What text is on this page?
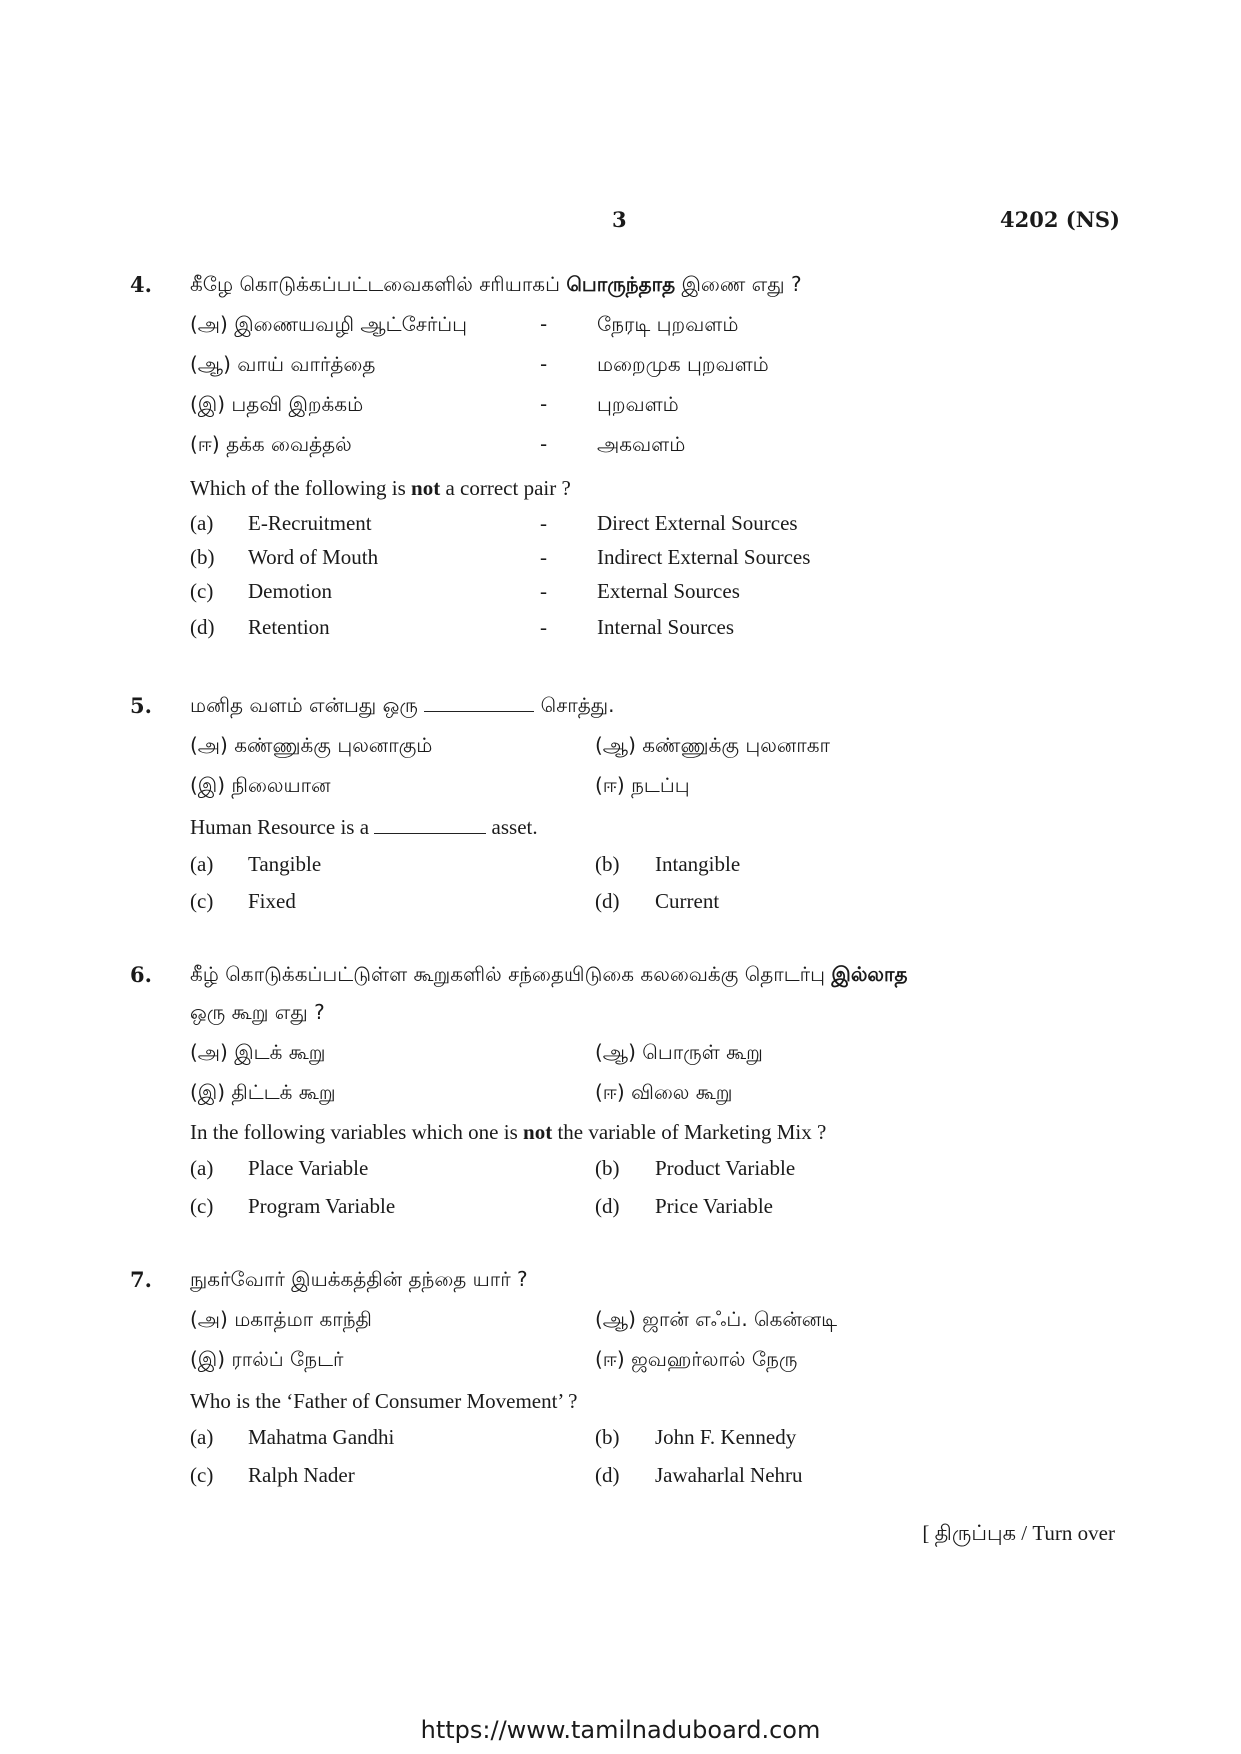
3	4202 (NS)
4. கீழே கொடுக்கப்பட்டவைகளில் சரியாகப் பொருந்தாத இணை எது ?
(அ) இணையவழி ஆட்சேர்ப்பு	- நேரடி புறவளம்
(ஆ) வாய் வார்த்தை	- மறைமுக புறவளம்
(இ) பதவி இறக்கம்	- புறவளம்
(ஈ) தக்க வைத்தல்	- அகவளம்
Which of the following is not a correct pair ?
(a) E-Recruitment	- Direct External Sources
(b) Word of Mouth	- Indirect External Sources
(c) Demotion	- External Sources
(d) Retention	- Internal Sources
5. மனித வளம் என்பது ஒரு	சொத்து.
(அ) கண்ணுக்கு புலனாகும்	(ஆ) கண்ணுக்கு புலனாகா
(இ) நிலையான	(ஈ) நடப்பு
Human Resource is a	asset.
(a) Tangible	(b) Intangible
(c) Fixed	(d) Current
6. கீழ் கொடுக்கப்பட்டுள்ள கூறுகளில் சந்தையிடுகை கலவைக்கு தொடர்பு இல்லாத
ஒரு கூறு எது ?
(அ) இடக் கூறு	(ஆ) பொருள் கூறு
(இ) திட்டக் கூறு	(ஈ) விலை கூறு
In the following variables which one is not the variable of Marketing Mix ?
(a) Place Variable	(b) Product Variable
(c) Program Variable	(d) Price Variable
7. நுகர்வோர் இயக்கத்தின் தந்தை யார் ?
(அ) மகாத்மா காந்தி	(ஆ) ஜான் எஃப். கென்னடி
(இ) ரால்ப் நேடர்	(ஈ) ஜவஹர்லால் நேரு
Who is the ‘Father of Consumer Movement’ ?
(a) Mahatma Gandhi	(b) John F. Kennedy
(c) Ralph Nader	(d) Jawaharlal Nehru
[ திருப்புக / Turn over
https://www.tamilnaduboard.com
